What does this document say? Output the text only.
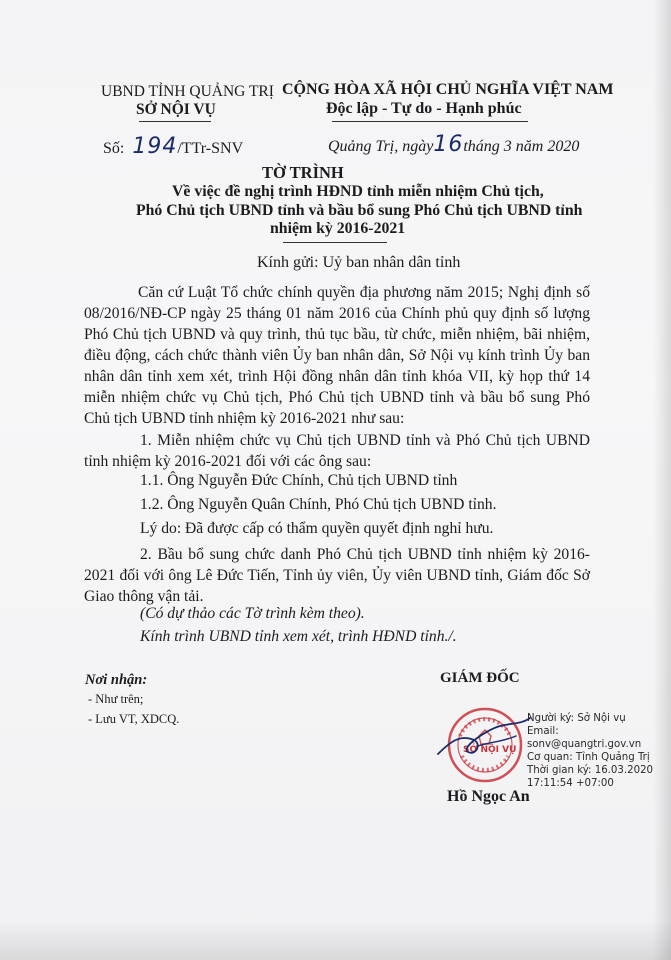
UBND TỈNH QUẢNG TRỊ
SỞ NỘI VỤ
CỘNG HÒA XÃ HỘI CHỦ NGHĨA VIỆT NAM
Độc lập - Tự do - Hạnh phúc
Số: 194/TTr-SNV	Quảng Trị, ngày16tháng 3 năm 2020
TỜ TRÌNH
Về việc đề nghị trình HĐND tỉnh miễn nhiệm Chủ tịch,
Phó Chủ tịch UBND tỉnh và bầu bổ sung Phó Chủ tịch UBND tỉnh
nhiệm kỳ 2016-2021
Kính gửi: Uỷ ban nhân dân tỉnh
Căn cứ Luật Tổ chức chính quyền địa phương năm 2015; Nghị định số 08/2016/NĐ-CP ngày 25 tháng 01 năm 2016 của Chính phủ quy định số lượng Phó Chủ tịch UBND và quy trình, thủ tục bầu, từ chức, miễn nhiệm, bãi nhiệm, điều động, cách chức thành viên Ủy ban nhân dân, Sở Nội vụ kính trình Ủy ban nhân dân tỉnh xem xét, trình Hội đồng nhân dân tỉnh khóa VII, kỳ họp thứ 14 miễn nhiệm chức vụ Chủ tịch, Phó Chủ tịch UBND tỉnh và bầu bổ sung Phó Chủ tịch UBND tỉnh nhiệm kỳ 2016-2021 như sau:
1. Miễn nhiệm chức vụ Chủ tịch UBND tỉnh và Phó Chủ tịch UBND tỉnh nhiệm kỳ 2016-2021 đối với các ông sau:
1.1. Ông Nguyễn Đức Chính, Chủ tịch UBND tỉnh
1.2. Ông Nguyễn Quân Chính, Phó Chủ tịch UBND tỉnh.
Lý do: Đã được cấp có thẩm quyền quyết định nghỉ hưu.
2. Bầu bổ sung chức danh Phó Chủ tịch UBND tỉnh nhiệm kỳ 2016-2021 đối với ông Lê Đức Tiến, Tỉnh ủy viên, Ủy viên UBND tỉnh, Giám đốc Sở Giao thông vận tải.
(Có dự thảo các Tờ trình kèm theo).
Kính trình UBND tỉnh xem xét, trình HĐND tỉnh./.
Nơi nhận:
- Như trên;
- Lưu VT, XDCQ.
GIÁM ĐỐC
SỞ NỘI VỤ
Người ký: Sở Nội vụ
Email:
sonv@quangtri.gov.vn
Cơ quan: Tỉnh Quảng Trị
Thời gian ký: 16.03.2020
17:11:54 +07:00
Hồ Ngọc An
